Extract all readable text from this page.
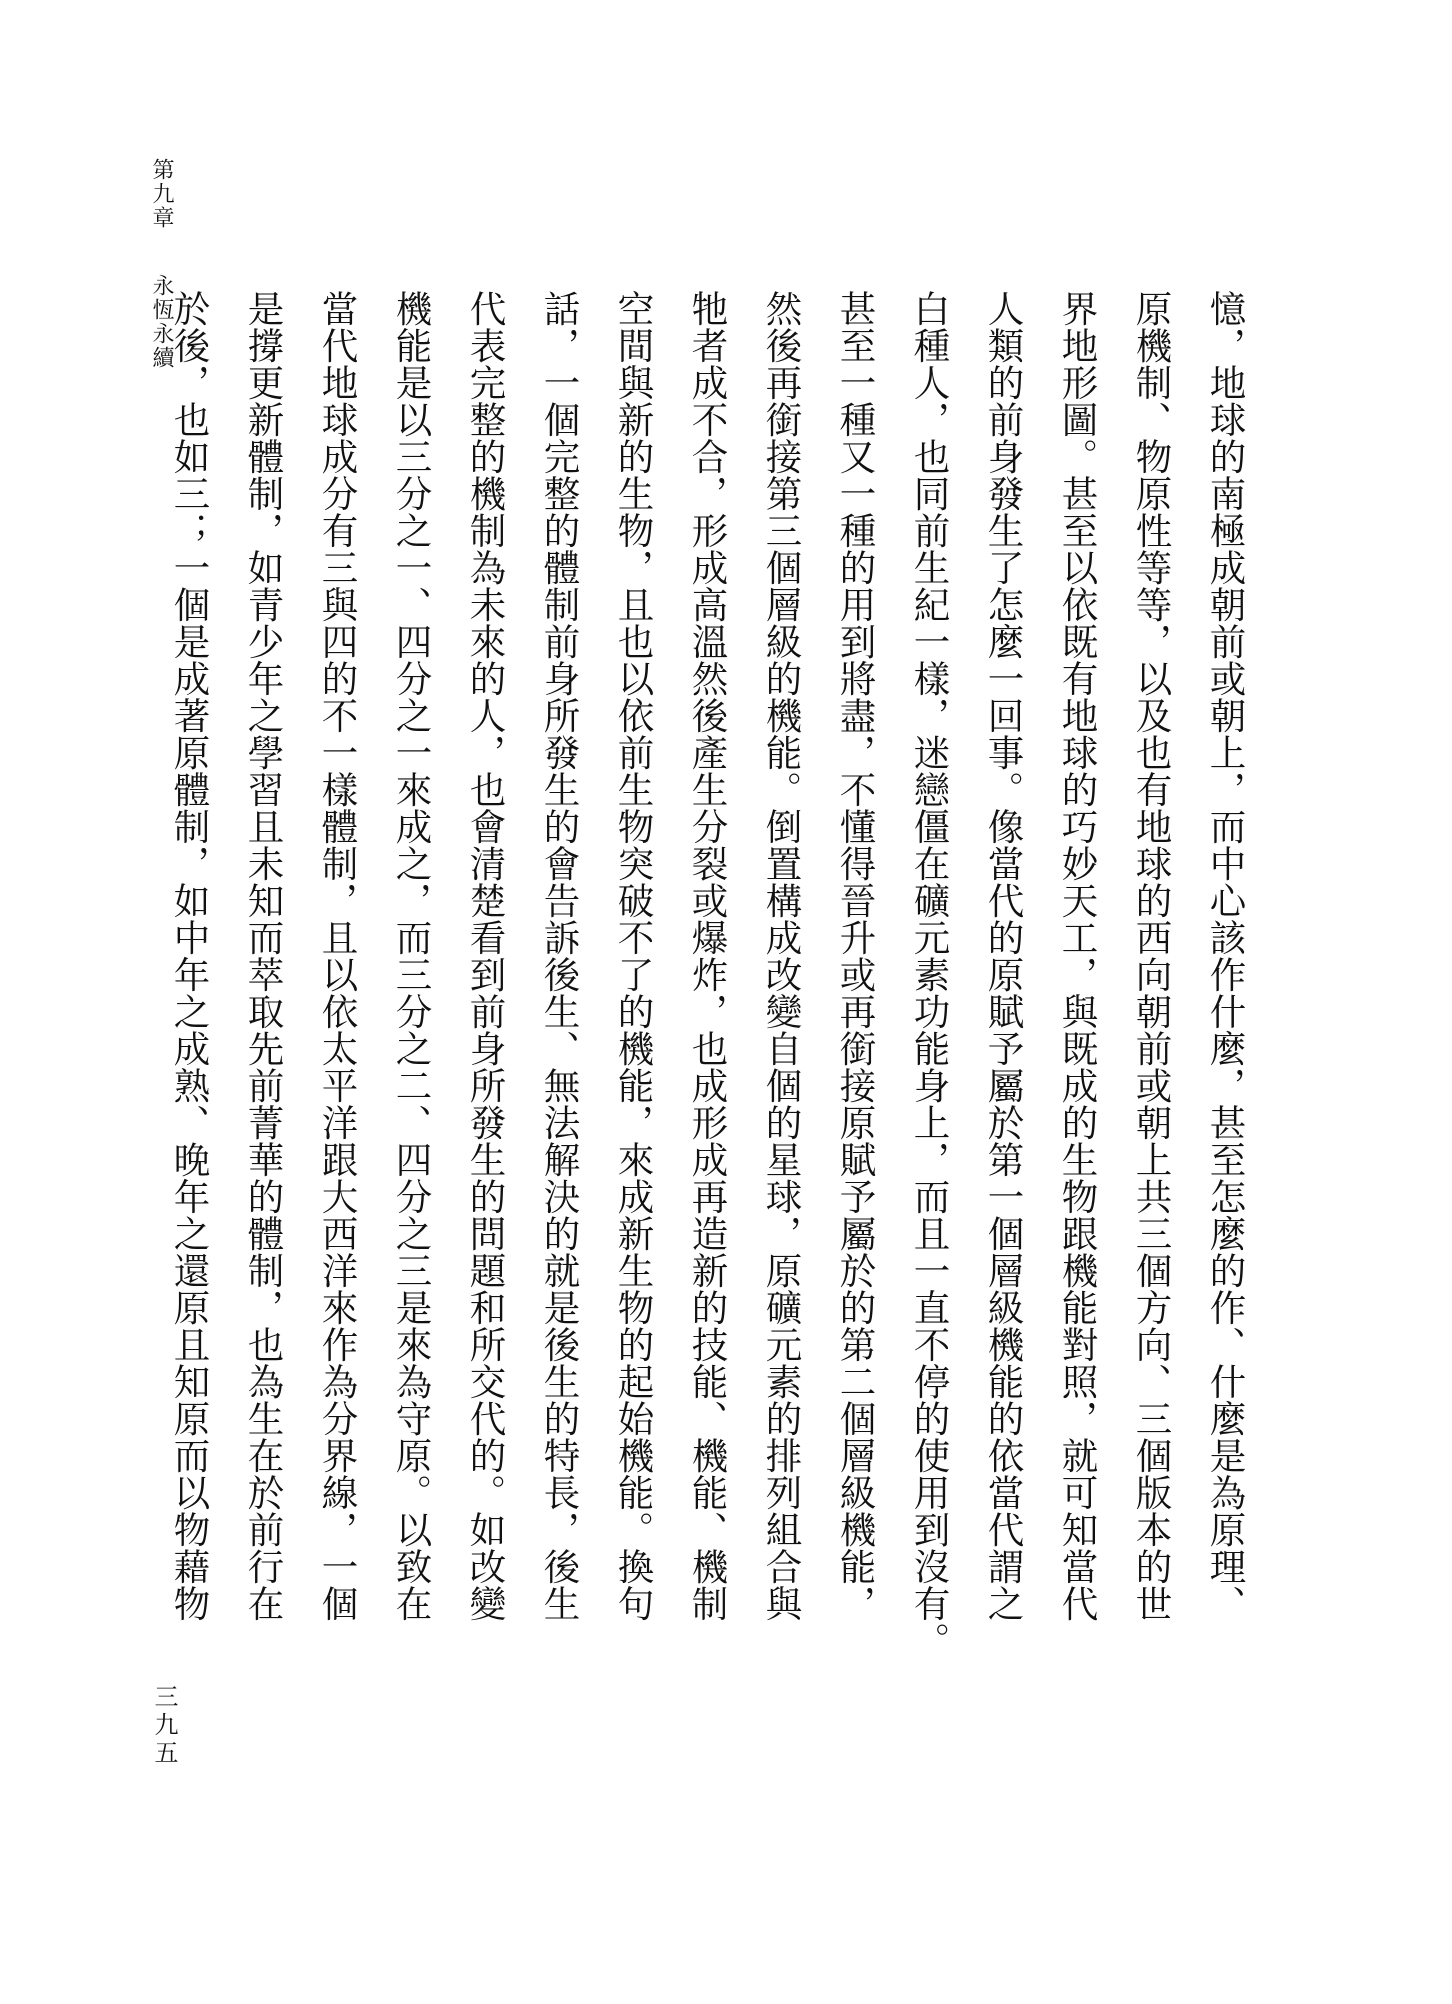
第九章永恆永續
三九五
憶，地球的南極成朝前或朝上，而中心該作什麼，甚至怎麼的作、什麼是為原理、
原機制、物原性等等，以及也有地球的西向朝前或朝上共三個方向、三個版本的世
界地形圖。甚至以依既有地球的巧妙天工，與既成的生物跟機能對照，就可知當代
人類的前身發生了怎麼一回事。像當代的原賦予屬於第一個層級機能的依當代謂之
白種人，也同前生紀一樣，迷戀僵在礦元素功能身上，而且一直不停的使用到沒有。
甚至一種又一種的用到將盡，不懂得晉升或再銜接原賦予屬於的第二個層級機能，
然後再銜接第三個層級的機能。倒置構成改變自個的星球，原礦元素的排列組合與
牠者成不合，形成高溫然後產生分裂或爆炸，也成形成再造新的技能、機能、機制
空間與新的生物，且也以依前生物突破不了的機能，來成新生物的起始機能。換句
話，一個完整的體制前身所發生的會告訴後生、無法解決的就是後生的特長，後生
代表完整的機制為未來的人，也會清楚看到前身所發生的問題和所交代的。如改變
機能是以三分之一、四分之一來成之，而三分之二、四分之三是來為守原。以致在
當代地球成分有三與四的不一樣體制，且以依太平洋跟大西洋來作為分界線，一個
是撐更新體制，如青少年之學習且未知而萃取先前菁華的體制，也為生在於前行在
於後，也如三；一個是成著原體制，如中年之成熟、晚年之還原且知原而以物藉物
